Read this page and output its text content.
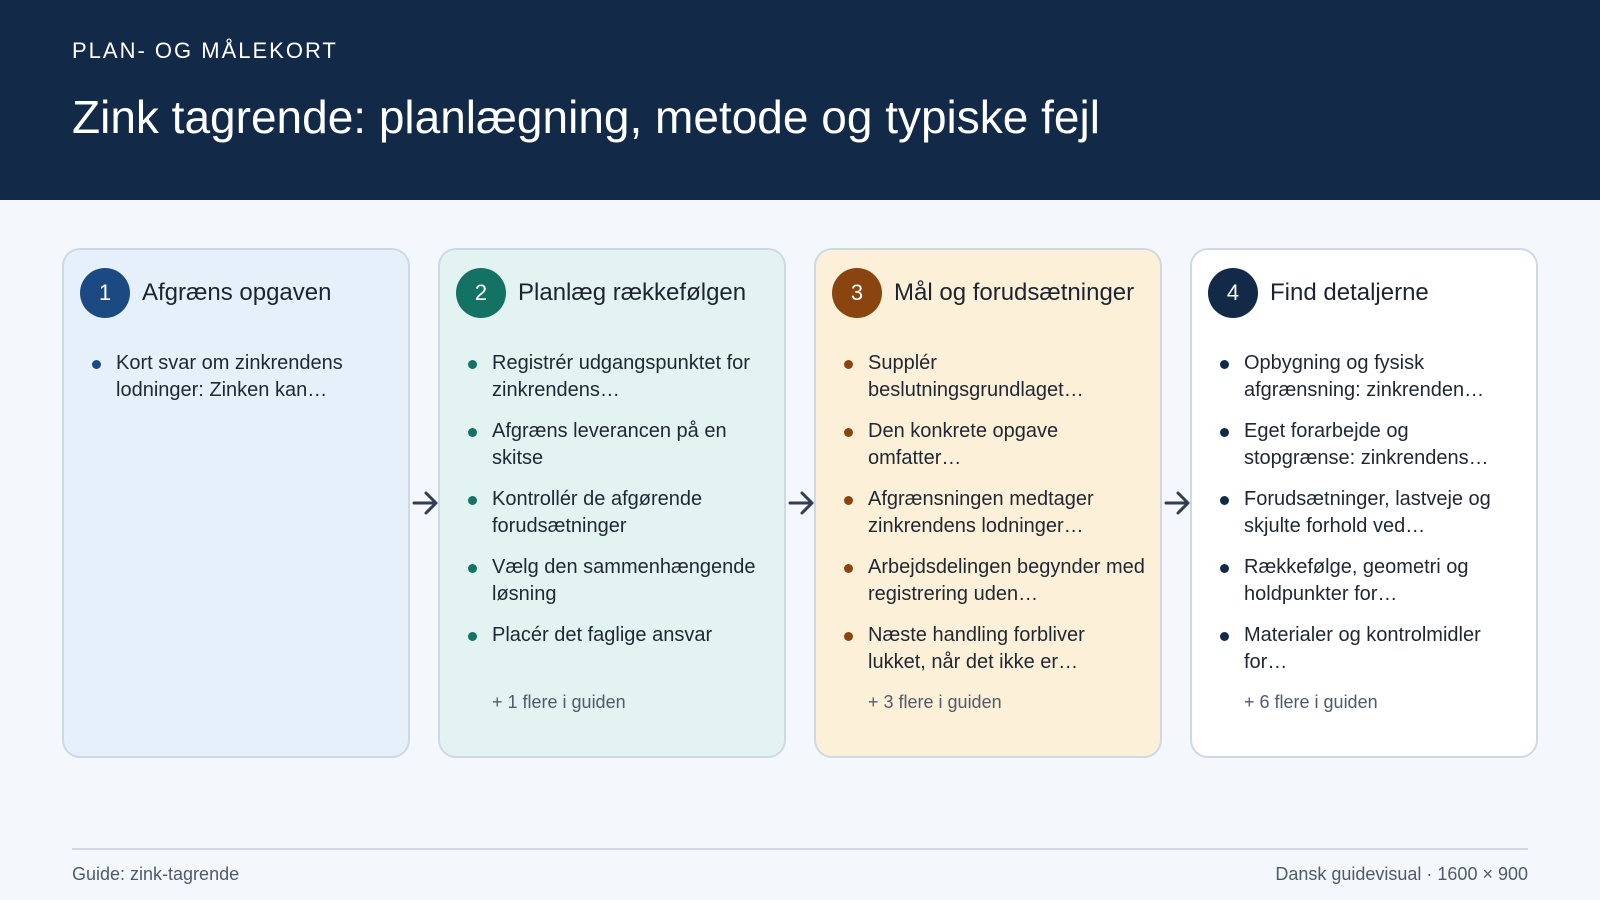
PLAN- OG MÅLEKORT
Zink tagrende: planlægning, metode og typiske fejl
1	Afgræns opgaven
Kort svar om zinkrendens lodninger: Zinken kan…
2	Planlæg rækkefølgen
Registrér udgangspunktet for zinkrendens…
Afgræns leverancen på en skitse
Kontrollér de afgørende forudsætninger
Vælg den sammenhængende løsning
Placér det faglige ansvar
+ 1 flere i guiden
3	Mål og forudsætninger
Supplér beslutningsgrundlaget…
Den konkrete opgave omfatter…
Afgrænsningen medtager zinkrendens lodninger…
Arbejdsdelingen begynder med registrering uden…
Næste handling forbliver lukket, når det ikke er…
+ 3 flere i guiden
4	Find detaljerne
Opbygning og fysisk afgrænsning: zinkrenden…
Eget forarbejde og stopgrænse: zinkrendens…
Forudsætninger, lastveje og skjulte forhold ved…
Rækkefølge, geometri og holdpunkter for…
Materialer og kontrolmidler for…
+ 6 flere i guiden
Guide: zink-tagrende	Dansk guidevisual · 1600 × 900
